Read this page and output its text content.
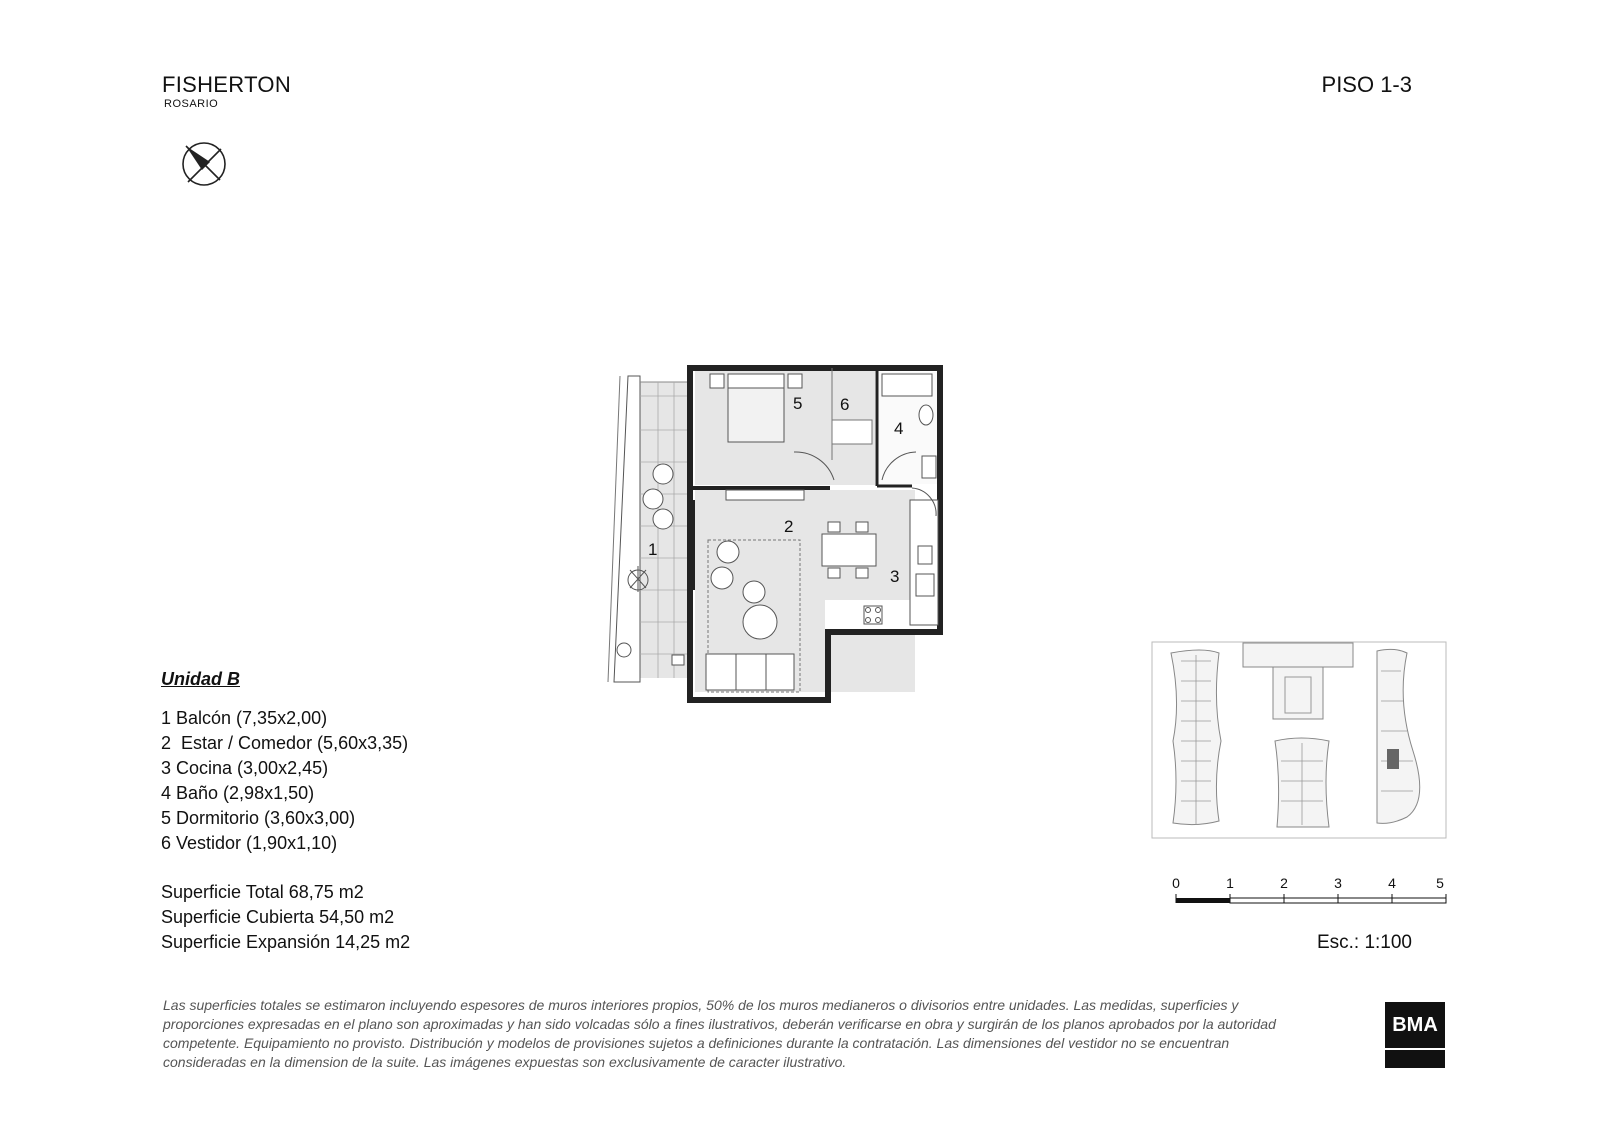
FISHERTON
ROSARIO
PISO 1-3
1
2
3
4
5 6
Unidad B
1 Balcón (7,35x2,00)
2  Estar / Comedor (5,60x3,35)
3 Cocina (3,00x2,45)
4 Baño (2,98x1,50)
5 Dormitorio (3,60x3,00)
6 Vestidor (1,90x1,10)
Superficie Total 68,75 m2
Superficie Cubierta 54,50 m2
Superficie Expansión 14,25 m2
0	1	2	3	4	5
Esc.: 1:100
Las superficies totales se estimaron incluyendo espesores de muros interiores propios, 50% de los muros medianeros o divisorios entre unidades. Las medidas, superficies y proporciones expresadas en el plano son aproximadas y han sido volcadas sólo a fines ilustrativos, deberán verificarse en obra y surgirán de los planos aprobados por la autoridad competente. Equipamiento no provisto. Distribución y modelos de provisiones sujetos a definiciones durante la contratación. Las dimensiones del vestidor no se encuentran consideradas en la dimension de la suite. Las imágenes expuestas son exclusivamente de caracter ilustrativo.
BMA
